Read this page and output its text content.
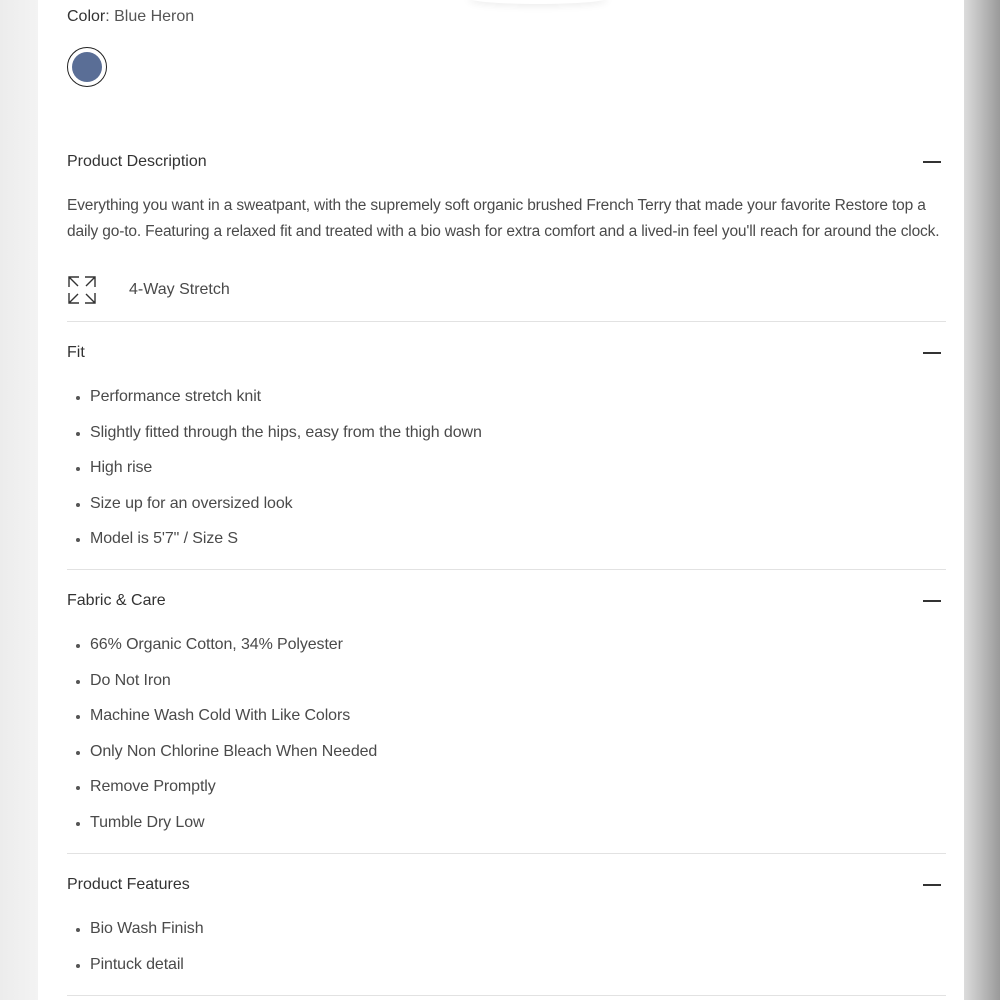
Color: Blue Heron
Product Description

Everything you want in a sweatpant, with the supremely soft organic brushed French Terry that made your favorite Restore top a daily go-to. Featuring a relaxed fit and treated with a bio wash for extra comfort and a lived-in feel you'll reach for around the clock.

4-Way Stretch
Fit
Performance stretch knit
Slightly fitted through the hips, easy from the thigh down
High rise
Size up for an oversized look
Model is 5'7" / Size S
Fabric & Care
66% Organic Cotton, 34% Polyester
Do Not Iron
Machine Wash Cold With Like Colors
Only Non Chlorine Bleach When Needed
Remove Promptly
Tumble Dry Low
Product Features
Bio Wash Finish
Pintuck detail
